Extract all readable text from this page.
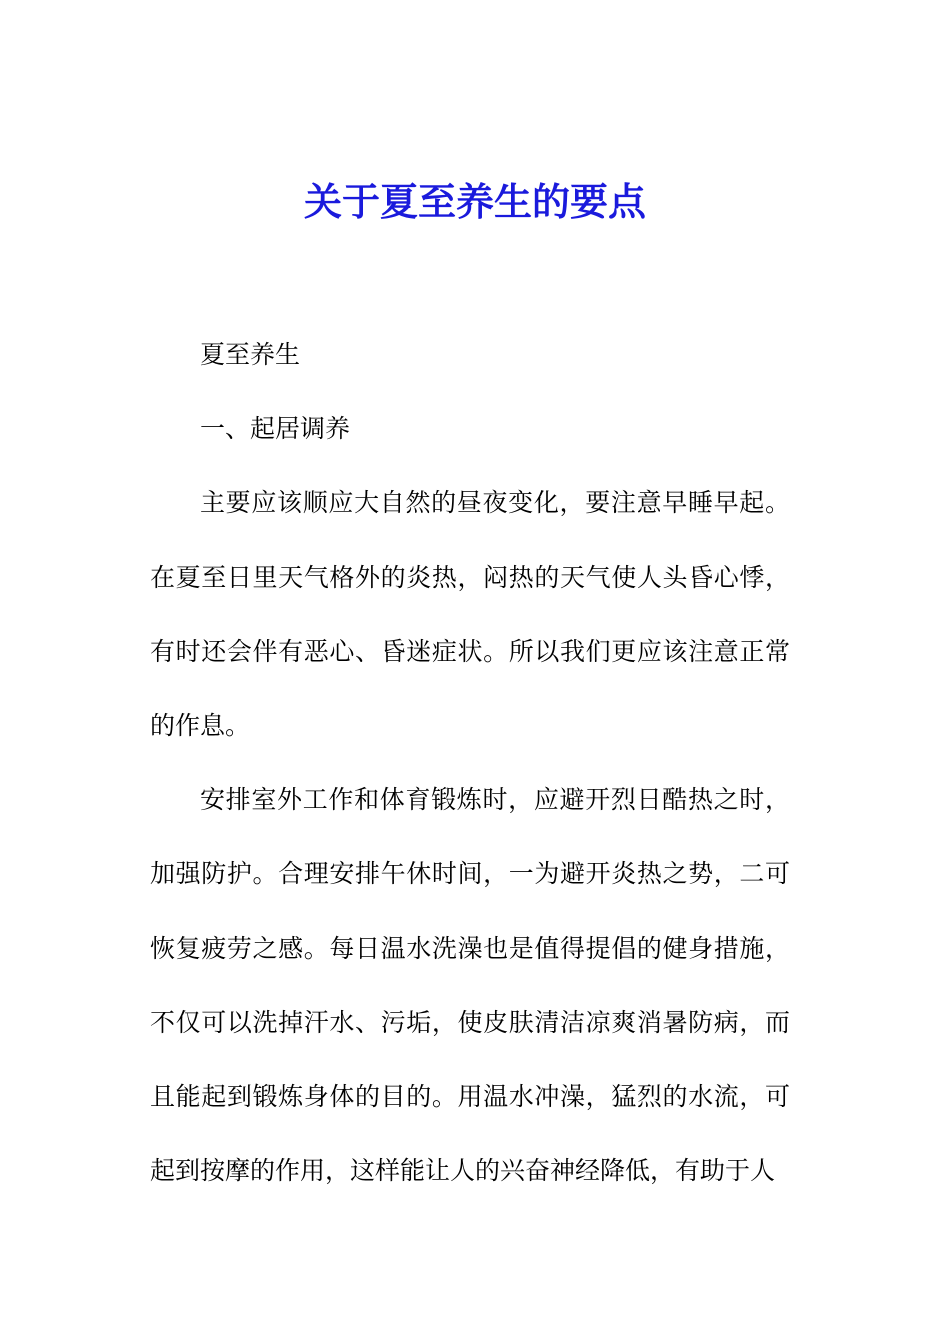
关于夏至养生的要点

夏至养生

一、起居调养

主要应该顺应大自然的昼夜变化，要注意早睡早起。在夏至日里天气格外的炎热，闷热的天气使人头昏心悸，有时还会伴有恶心、昏迷症状。所以我们更应该注意正常的作息。

安排室外工作和体育锻炼时，应避开烈日酷热之时，加强防护。合理安排午休时间，一为避开炎热之势，二可恢复疲劳之感。每日温水洗澡也是值得提倡的健身措施，不仅可以洗掉汗水、污垢，使皮肤清洁凉爽消暑防病，而且能起到锻炼身体的目的。用温水冲澡，猛烈的水流，可起到按摩的作用，这样能让人的兴奋神经降低，有助于人
